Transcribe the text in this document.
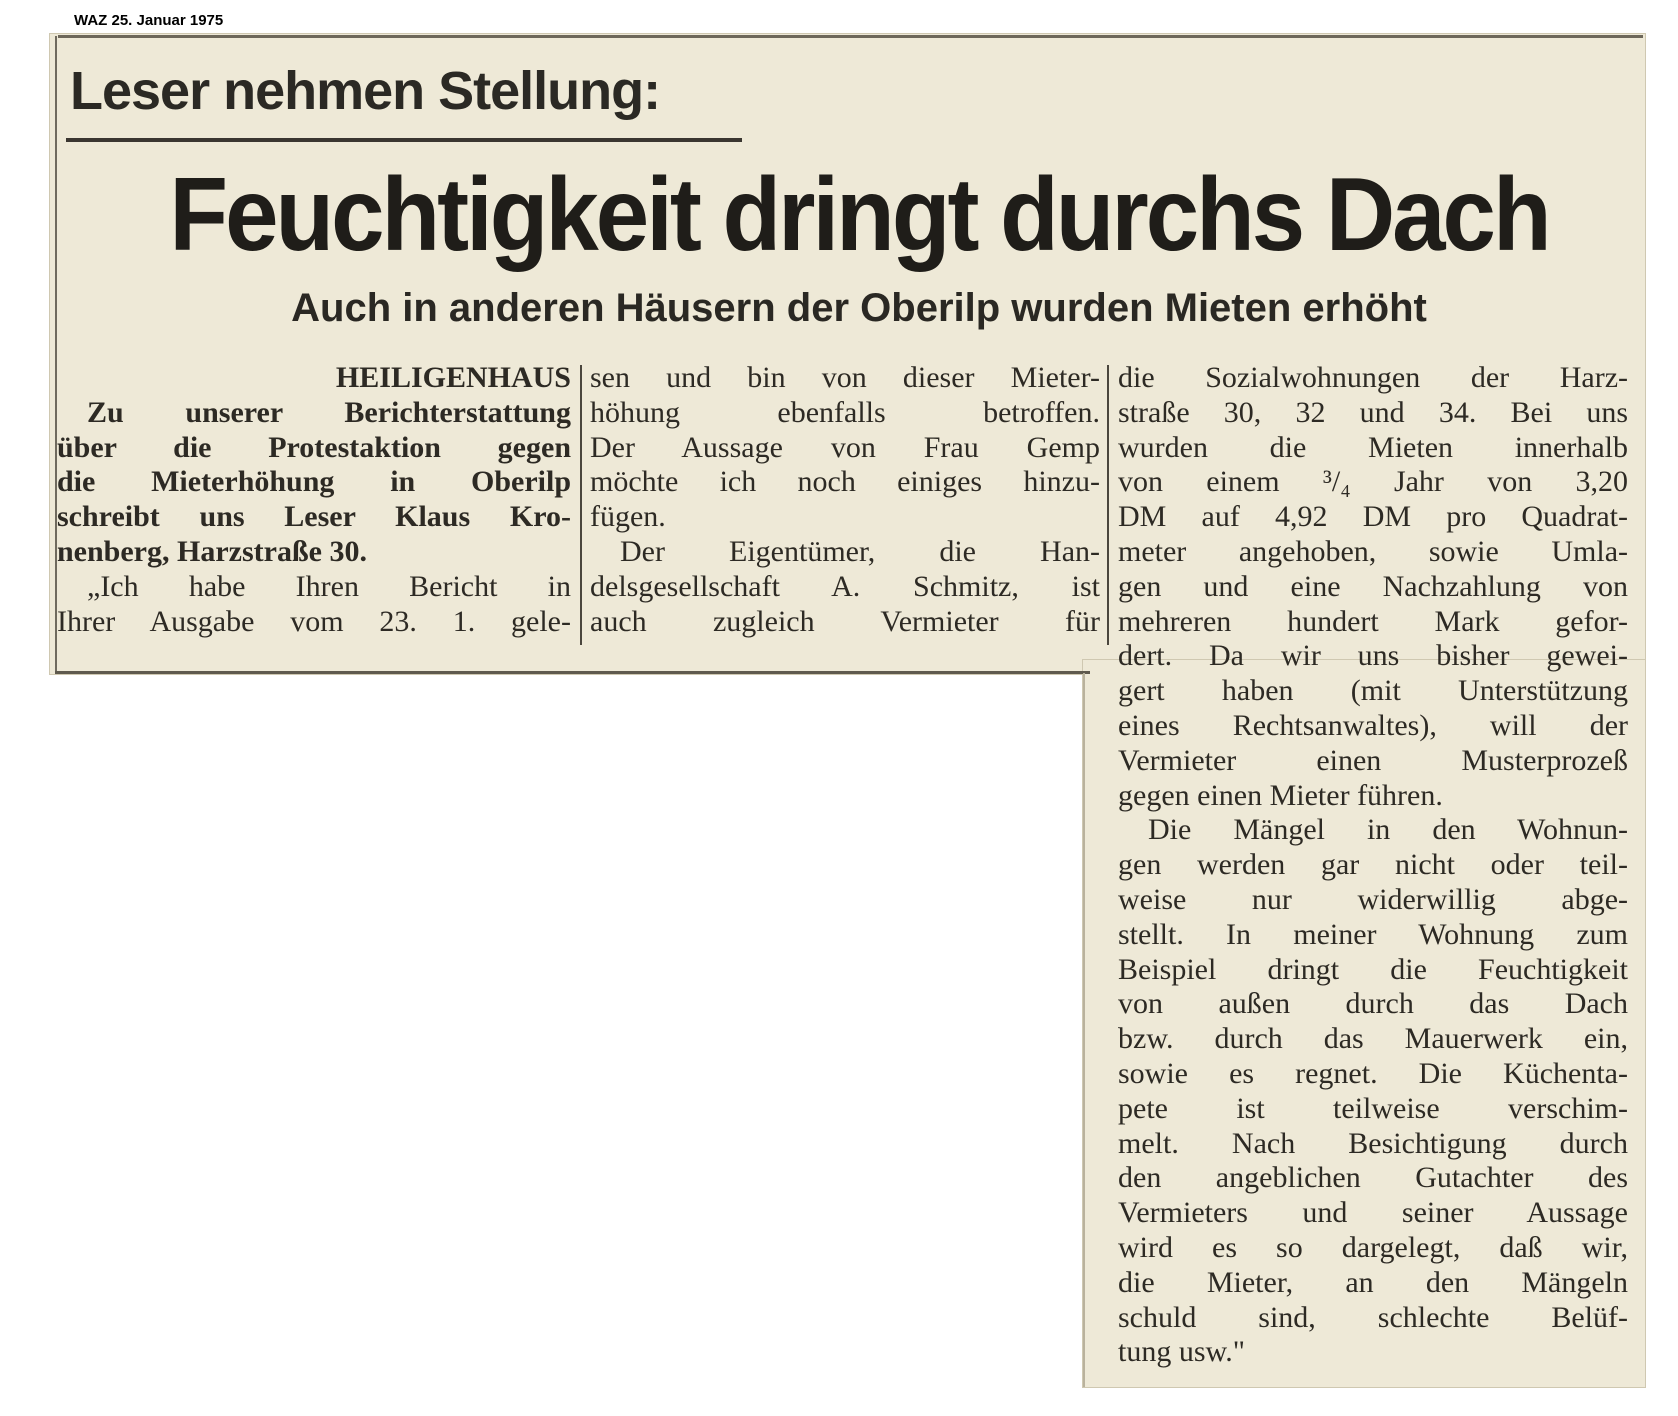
WAZ 25. Januar 1975
Leser nehmen Stellung:
Feuchtigkeit dringt durchs Dach
Auch in anderen Häusern der Oberilp wurden Mieten erhöht
HEILIGENHAUS
Zu unserer Berichterstattung
über die Protestaktion gegen
die Mieterhöhung in Oberilp
schreibt uns Leser Klaus Kro-
nenberg, Harzstraße 30.
„Ich habe Ihren Bericht in
Ihrer Ausgabe vom 23. 1. gele-
sen und bin von dieser Mieter-
höhung ebenfalls betroffen.
Der Aussage von Frau Gemp
möchte ich noch einiges hinzu-
fügen.
Der Eigentümer, die Han-
delsgesellschaft A. Schmitz, ist
auch zugleich Vermieter für
die Sozialwohnungen der Harz-
straße 30, 32 und 34. Bei uns
wurden die Mieten innerhalb
von einem ³/₄ Jahr von 3,20
DM auf 4,92 DM pro Quadrat-
meter angehoben, sowie Umla-
gen und eine Nachzahlung von
mehreren hundert Mark gefor-
dert. Da wir uns bisher gewei-
gert haben (mit Unterstützung
eines Rechtsanwaltes), will der
Vermieter einen Musterprozeß
gegen einen Mieter führen.
Die Mängel in den Wohnun-
gen werden gar nicht oder teil-
weise nur widerwillig abge-
stellt. In meiner Wohnung zum
Beispiel dringt die Feuchtigkeit
von außen durch das Dach
bzw. durch das Mauerwerk ein,
sowie es regnet. Die Küchenta-
pete ist teilweise verschim-
melt. Nach Besichtigung durch
den angeblichen Gutachter des
Vermieters und seiner Aussage
wird es so dargelegt, daß wir,
die Mieter, an den Mängeln
schuld sind, schlechte Belüf-
tung usw."
